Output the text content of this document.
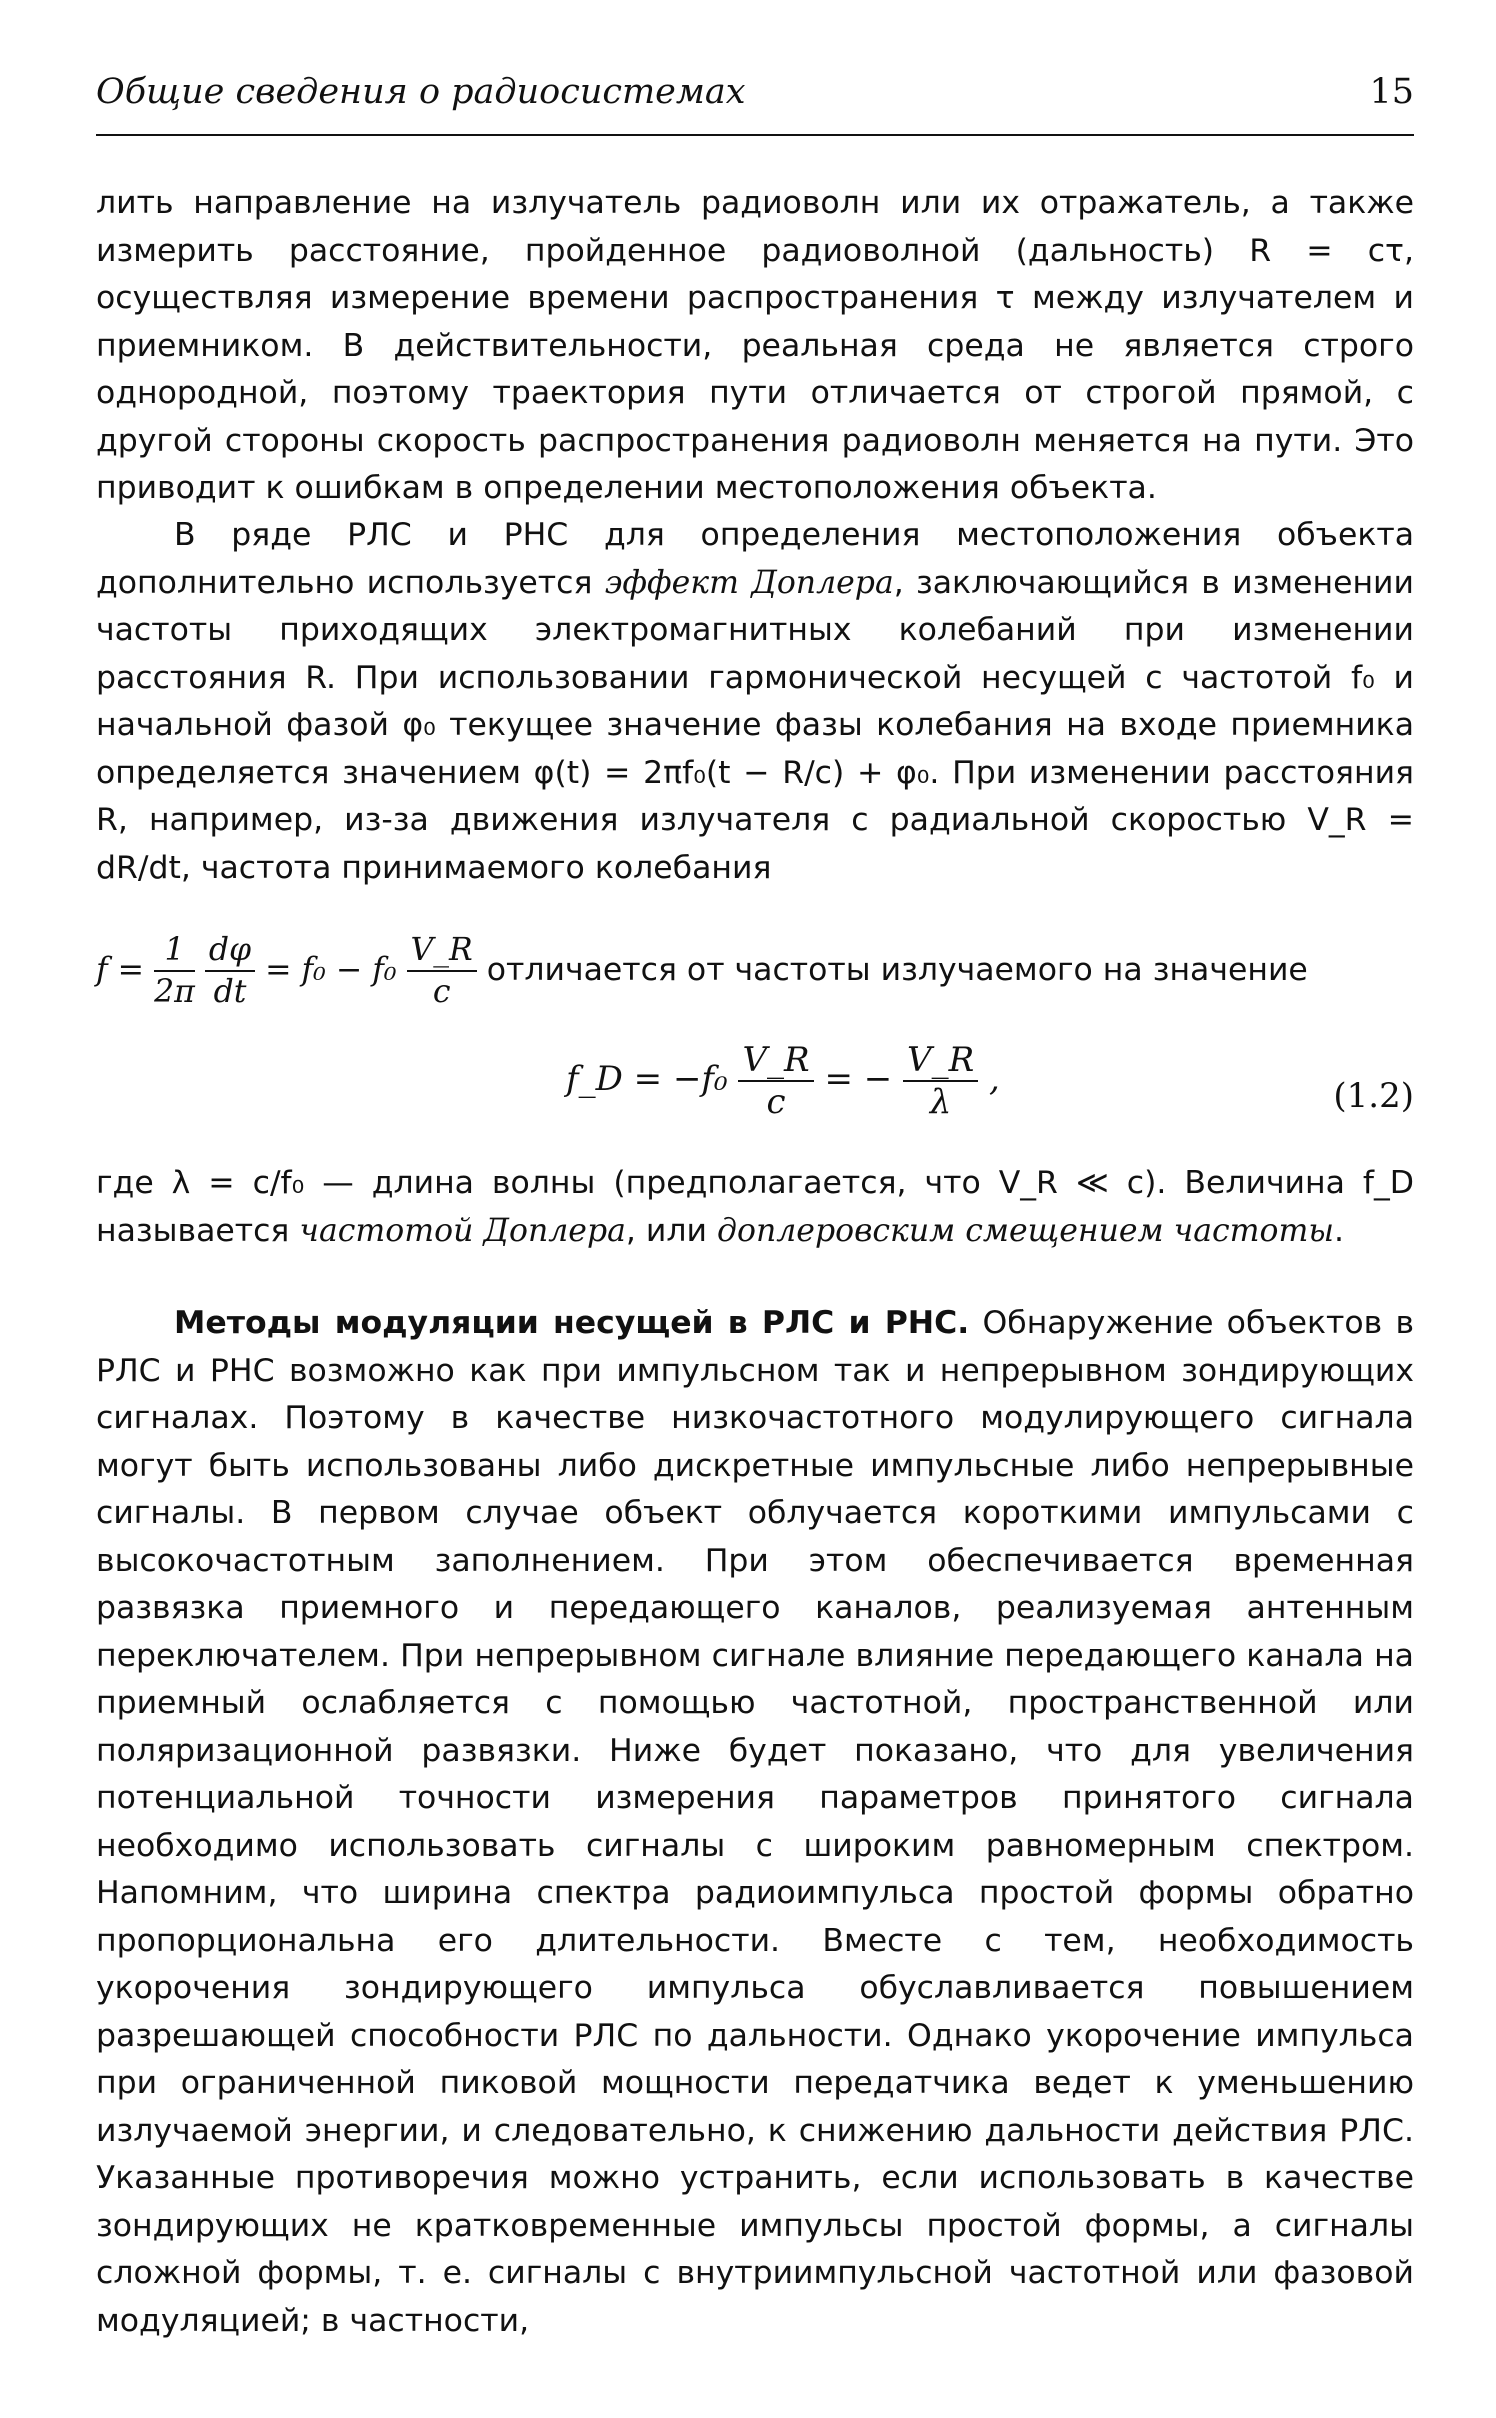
Общие сведения о радиосистемах	15

лить направление на излучатель радиоволн или их отражатель, а также измерить расстояние, пройденное радиоволной (дальность) R = cτ, осуществляя измерение времени распространения τ между излучателем и приемником. В действительности, реальная среда не является строго однородной, поэтому траектория пути отличается от строгой прямой, с другой стороны скорость распространения радиоволн меняется на пути. Это приводит к ошибкам в определении местоположения объекта.

В ряде РЛС и РНС для определения местоположения объекта дополнительно используется эффект Доплера, заключающийся в изменении частоты приходящих электромагнитных колебаний при изменении расстояния R. При использовании гармонической несущей с частотой f₀ и начальной фазой φ₀ текущее значение фазы колебания на входе приемника определяется значением φ(t) = 2πf₀(t − R/c) + φ₀. При изменении расстояния R, например, из-за движения излучателя с радиальной скоростью V_R = dR/dt, частота принимаемого колебания

$f = \frac{1}{2\pi}$
$\frac{d\varphi}{dt} = f_0 - f_0 \frac{V\_R}{c}$ отличается от частоты излучаемого на значение
f_D = $-f_0 \frac{V\_R}{c}$ = − $\frac{V\_R}{\lambda}$ ,	(1.2)

где λ = c/f₀ — длина волны (предполагается, что V_R ≪ c). Величина f_D называется частотой Доплера, или доплеровским смещением частоты.

Методы модуляции несущей в РЛС и РНС. Обнаружение объектов в РЛС и РНС возможно как при импульсном так и непрерывном зондирующих сигналах. Поэтому в качестве низкочастотного модулирующего сигнала могут быть использованы либо дискретные импульсные либо непрерывные сигналы. В первом случае объект облучается короткими импульсами с высокочастотным заполнением. При этом обеспечивается временная развязка приемного и передающего каналов, реализуемая антенным переключателем. При непрерывном сигнале влияние передающего канала на приемный ослабляется с помощью частотной, пространственной или поляризационной развязки. Ниже будет показано, что для увеличения потенциальной точности измерения параметров принятого сигнала необходимо использовать сигналы с широким равномерным спектром. Напомним, что ширина спектра радиоимпульса простой формы обратно пропорциональна его длительности. Вместе с тем, необходимость укорочения зондирующего импульса обуславливается повышением разрешающей способности РЛС по дальности. Однако укорочение импульса при ограниченной пиковой мощности передатчика ведет к уменьшению излучаемой энергии, и следовательно, к снижению дальности действия РЛС. Указанные противоречия можно устранить, если использовать в качестве зондирующих не кратковременные импульсы простой формы, а сигналы сложной формы, т. е. сигналы с внутриимпульсной частотной или фазовой модуляцией; в частности,
